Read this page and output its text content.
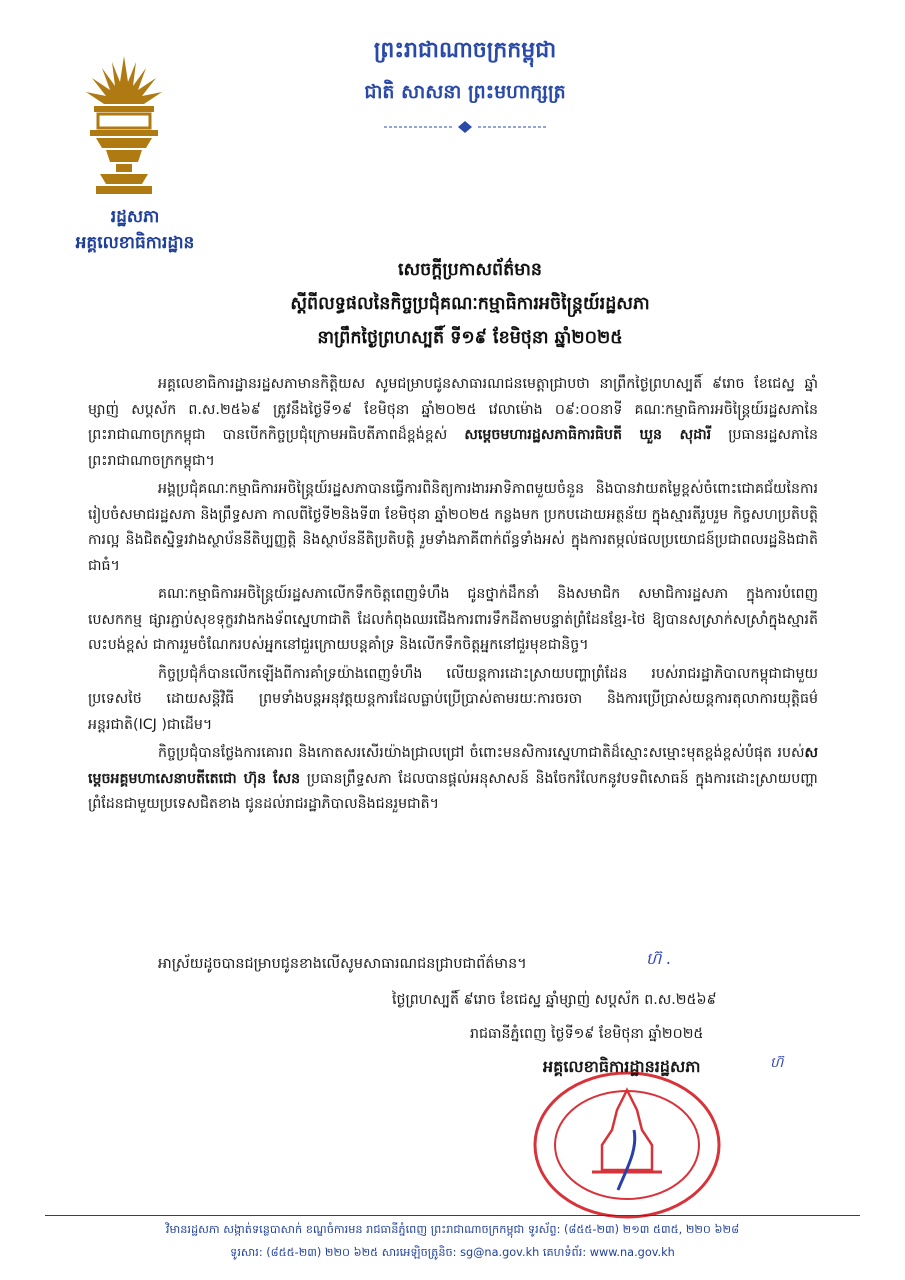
រដ្ឋសភា
អគ្គលេខាធិការដ្ឋាន
ព្រះរាជាណាចក្រកម្ពុជា
ជាតិ សាសនា ព្រះមហាក្សត្រ
សេចក្តីប្រកាសព័ត៌មាន
ស្តីពីលទ្ធផលនៃកិច្ចប្រជុំគណៈកម្មាធិការអចិន្ត្រៃយ៍រដ្ឋសភា
នាព្រឹកថ្ងៃព្រហស្បតិ៍ ទី១៩ ខែមិថុនា ឆ្នាំ២០២៥

អគ្គលេខាធិការដ្ឋានរដ្ឋសភាមានកិត្តិយស សូមជម្រាបជូនសាធារណជនមេត្តាជ្រាបថា នាព្រឹកថ្ងៃព្រហស្បតិ៍ ៩រោច ខែជេស្ឋ ឆ្នាំម្សាញ់ សប្តស័ក ព.ស.២៥៦៩ ត្រូវនឹងថ្ងៃទី១៩ ខែមិថុនា ឆ្នាំ២០២៥ វេលាម៉ោង ០៩:០០នាទី គណៈកម្មាធិការអចិន្ត្រៃយ៍រដ្ឋសភានៃព្រះរាជាណាចក្រកម្ពុជា បានបើកកិច្ចប្រជុំក្រោមអធិបតីភាពដ៏ខ្ពង់ខ្ពស់ សម្តេចមហារដ្ឋសភាធិការធិបតី ឃួន សុដារី ប្រធានរដ្ឋសភានៃព្រះរាជាណាចក្រកម្ពុជា។

អង្គប្រជុំគណៈកម្មាធិការអចិន្ត្រៃយ៍រដ្ឋសភាបានធ្វើការពិនិត្យការងារអាទិភាពមួយចំនួន និងបានវាយតម្លៃខ្ពស់ចំពោះជោគជ័យនៃការរៀបចំសមាជរដ្ឋសភា និងព្រឹទ្ធសភា កាលពីថ្ងៃទី២និងទី៣ ខែមិថុនា ឆ្នាំ២០២៥ កន្លងមក ប្រកបដោយអត្ថន័យ ក្នុងស្មារតីរួបរួម កិច្ចសហប្រតិបត្តិការល្អ និងជិតស្និទ្ធរវាងស្ថាប័ននីតិប្បញ្ញត្តិ និងស្ថាប័ននីតិប្រតិបត្តិ រួមទាំងភាគីពាក់ព័ន្ធទាំងអស់ ក្នុងការតម្កល់ផលប្រយោជន៍ប្រជាពលរដ្ឋនិងជាតិជាធំ។

គណៈកម្មាធិការអចិន្ត្រៃយ៍រដ្ឋសភាលើកទឹកចិត្តពេញទំហឹង ជូនថ្នាក់ដឹកនាំ និងសមាជិក សមាជិការដ្ឋសភា ក្នុងការបំពេញបេសកកម្ម ផ្សារភ្ជាប់សុខទុក្ខរវាងកងទ័ពស្នេហាជាតិ ដែលកំពុងឈរជើងការពារទឹកដីតាមបន្ទាត់ព្រំដែនខ្មែរ-ថៃ ឱ្យបានសស្រាក់សស្រាំក្នុងស្មារតីលះបង់ខ្ពស់ ជាការរួមចំណែករបស់អ្នកនៅជួរក្រោយបន្តគាំទ្រ និងលើកទឹកចិត្តអ្នកនៅជួរមុខជានិច្ច។

កិច្ចប្រជុំក៏បានលើកឡើងពីការគាំទ្រយ៉ាងពេញទំហឹង លើយន្តការដោះស្រាយបញ្ហាព្រំដែន របស់រាជរដ្ឋាភិបាលកម្ពុជាជាមួយប្រទេសថៃ ដោយសន្តិវិធី ព្រមទាំងបន្តអនុវត្តយន្តការដែលធ្លាប់ប្រើប្រាស់តាមរយៈការចរចា និងការប្រើប្រាស់យន្តការតុលាការយុត្តិធម៌អន្តរជាតិ(ICJ )ជាដើម។

កិច្ចប្រជុំបានថ្លែងការគោរព និងកោតសរសើរយ៉ាងជ្រាលជ្រៅ ចំពោះមនសិការស្នេហាជាតិដ៏ស្មោះសម្មោះមុតខ្ពង់ខ្ពស់បំផុត របស់សម្តេចអគ្គមហាសេនាបតីតេជោ ហ៊ុន សែន ប្រធានព្រឹទ្ធសភា ដែលបានផ្តល់អនុសាសន៍ និងចែករំលែកនូវបទពិសោធន៍ ក្នុងការដោះស្រាយបញ្ហាព្រំដែនជាមួយប្រទេសជិតខាង ជូនដល់រាជរដ្ឋាភិបាលនិងជនរួមជាតិ។

អាស្រ័យដូចបានជម្រាបជូនខាងលើសូមសាធារណជនជ្រាបជាព័ត៌មាន។	ហ៊ .
ថ្ងៃព្រហស្បតិ៍ ៩រោច ខែជេស្ឋ ឆ្នាំម្សាញ់ សប្តស័ក ព.ស.២៥៦៩
រាជធានីភ្នំពេញ ថ្ងៃទី១៩ ខែមិថុនា ឆ្នាំ២០២៥
អគ្គលេខាធិការដ្ឋានរដ្ឋសភា	ហ៊
វិមានរដ្ឋសភា សង្កាត់ទន្លេបាសាក់ ខណ្ឌចំការមន រាជធានីភ្នំពេញ ព្រះរាជាណាចក្រកម្ពុជា ទូរស័ព្ទ: (៨៥៥-២៣) ២១៣ ៥៣៥, ២២០ ៦២៨
ទូរសារ: (៨៥៥-២៣) ២២០ ៦២៥ សារអេឡិចត្រូនិច: sg@na.gov.kh គេហទំព័រ: www.na.gov.kh
